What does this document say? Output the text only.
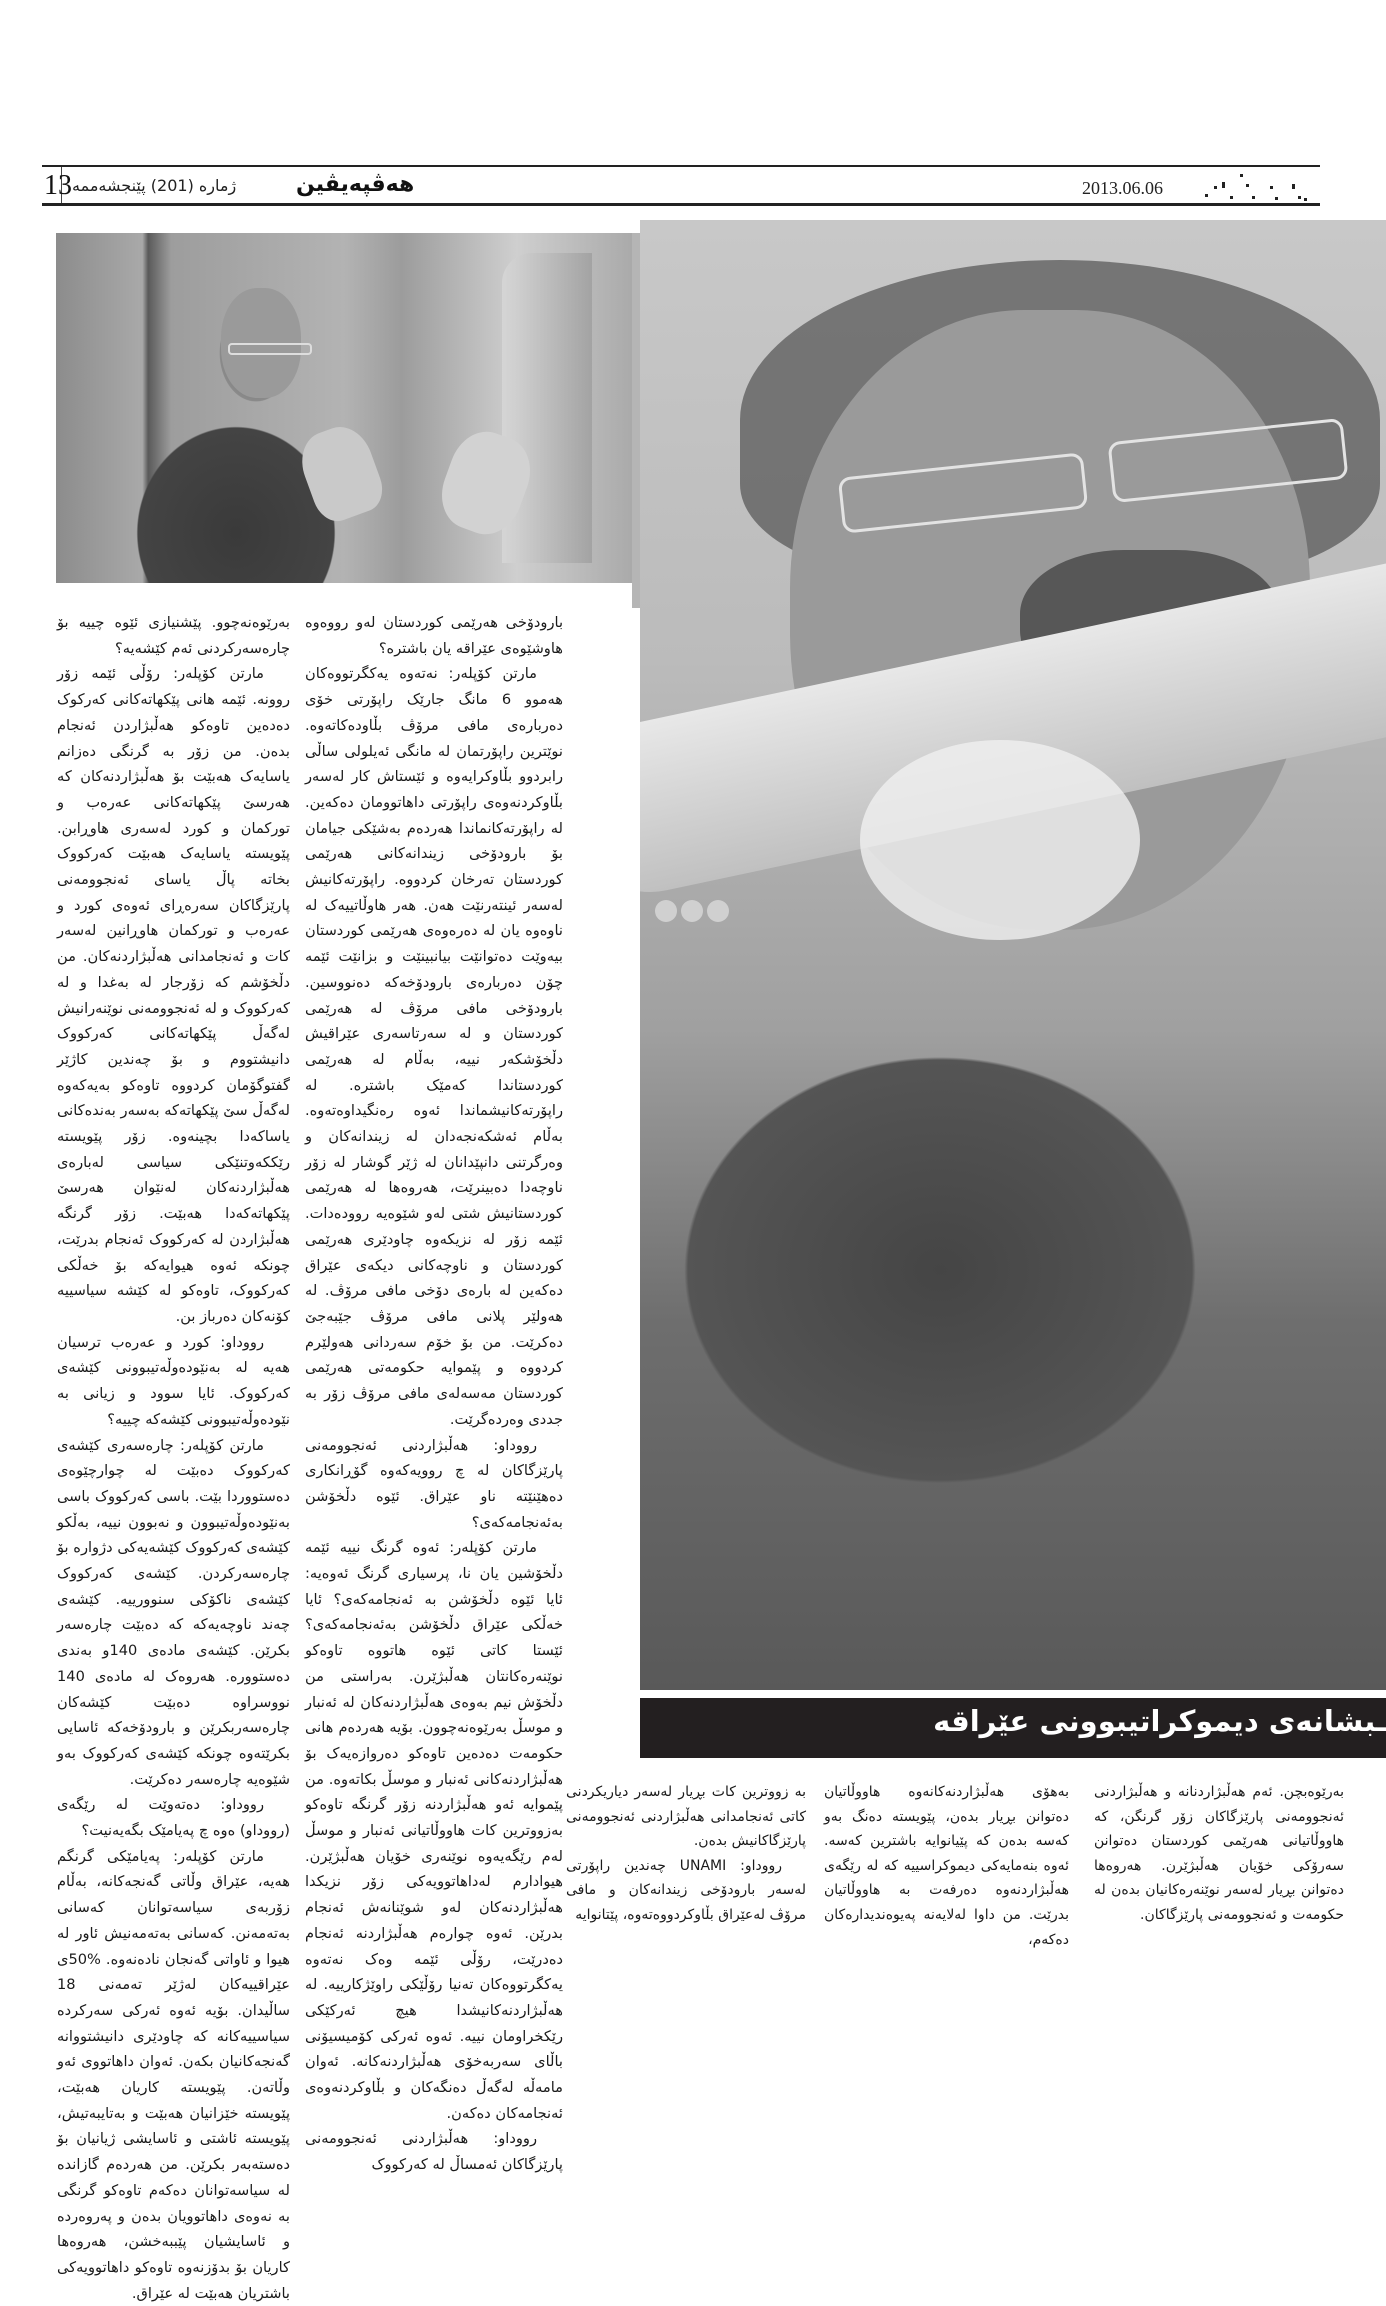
13 ژمارە (201) پێنجشەممە	هەڤپەیڤین	2013.06.06
ـبشانەی دیموکراتیبوونی عێراقە

بارودۆخی هەرێمی کوردستان لەو رووەوە هاوشێوەی عێراقە یان باشترە؟

مارتن کۆپلەر: نەتەوە یەکگرتووەکان هەموو 6 مانگ جارێک راپۆرتی خۆی دەربارەی مافی مرۆڤ بڵاودەکاتەوە. نوێترین راپۆرتمان لە مانگی ئەیلولی ساڵی رابردوو بڵاوکرایەوە و ئێستاش کار لەسەر بڵاوکردنەوەی راپۆرتی داهاتوومان دەکەین. لە راپۆرتەکانماندا هەردەم بەشێکی جیامان بۆ بارودۆخی زیندانەکانی هەرێمی کوردستان تەرخان کردووە. راپۆرتەکانیش لەسەر ئینتەرنێت هەن. هەر هاوڵاتییەک لە ناوەوە یان لە دەرەوەی هەرێمی کوردستان بیەوێت دەتوانێت بیانبینێت و بزانێت ئێمە چۆن دەربارەی بارودۆخەکە دەنووسین. بارودۆخی مافی مرۆڤ لە هەرێمی کوردستان و لە سەرتاسەری عێراقیش دڵخۆشکەر نییە، بەڵام لە هەرێمی کوردستاندا کەمێک باشترە. لە راپۆرتەکانیشماندا ئەوە رەنگیداوەتەوە. بەڵام ئەشکەنجەدان لە زیندانەکان و وەرگرتنی دانپێدانان لە ژێر گوشار لە زۆر ناوچەدا دەبینرێت، هەروەها لە هەرێمی کوردستانیش شتی لەو شێوەیە روودەدات. ئێمە زۆر لە نزیکەوە چاودێری هەرێمی کوردستان و ناوچەکانی دیکەی عێراق دەکەین لە بارەی دۆخی مافی مرۆڤ. لە هەولێر پلانی مافی مرۆڤ جێبەجێ دەکرێت. من بۆ خۆم سەردانی هەولێرم کردووە و پێموایە حکومەتی هەرێمی کوردستان مەسەلەی مافی مرۆڤ زۆر بە جددی وەردەگرێت.

رووداو: هەڵبژاردنی ئەنجوومەنی پارێزگاکان لە چ روویەکەوە گۆڕانکاری دەهێنێتە ناو عێراق. ئێوە دڵخۆشن بەئەنجامەکەی؟

مارتن کۆپلەر: ئەوە گرنگ نییە ئێمە دڵخۆشین یان نا، پرسیاری گرنگ ئەوەیە: ئایا ئێوە دڵخۆشن بە ئەنجامەکەی؟ ئایا خەڵکی عێراق دڵخۆشن بەئەنجامەکەی؟ ئێستا کاتی ئێوە هاتووە تاوەکو نوێنەرەکانتان هەڵبژێرن. بەراستی من دڵخۆش نیم بەوەی هەڵبژاردنەکان لە ئەنبار و موسڵ بەرێوەنەچوون. بۆیە هەردەم هانی حکومەت دەدەین تاوەکو دەروازەیەک بۆ هەڵبژاردنەکانی ئەنبار و موسڵ بکاتەوە. من پێموایە ئەو هەڵبژاردنە زۆر گرنگە تاوەکو بەزووترین کات هاووڵاتیانی ئەنبار و موسڵ لەم رێگەیەوە نوێنەری خۆیان هەڵبژێرن. هیوادارم لەداهاتوویەکی زۆر نزیکدا هەڵبژاردنەکان لەو شوێنانەش ئەنجام بدرێن. ئەوە چوارەم هەڵبژاردنە ئەنجام دەدرێت، رۆڵی ئێمە وەک نەتەوە یەکگرتووەکان تەنیا رۆڵێکی راوێژکارییە. لە هەڵبژاردنەکانیشدا هیچ ئەرکێکی رێکخراومان نییە. ئەوە ئەرکی کۆمیسیۆنی باڵای سەربەخۆی هەڵبژاردنەکانە. ئەوان مامەڵە لەگەڵ دەنگەکان و بڵاوکردنەوەی ئەنجامەکان دەکەن.

رووداو: هەڵبژاردنی ئەنجوومەنی پارێزگاکان ئەمساڵ لە کەرکووک

بەرێوەنەچوو. پێشنیازی ئێوە چییە بۆ چارەسەرکردنی ئەم کێشەیە؟

مارتن کۆپلەر: رۆڵی ئێمە زۆر روونە. ئێمە هانی پێکهاتەکانی کەرکوک دەدەین تاوەکو هەڵبژاردن ئەنجام بدەن. من زۆر بە گرنگی دەزانم یاسایەک هەبێت بۆ هەڵبژاردنەکان کە هەرسێ پێکهاتەکانی عەرەب و تورکمان و کورد لەسەری هاوڕابن. پێویستە یاسایەک هەبێت کەرکووک بخاتە پاڵ یاسای ئەنجوومەنی پارێزگاکان سەرەڕای ئەوەی کورد و عەرەب و تورکمان هاوڕانین لەسەر کات و ئەنجامدانی هەڵبژاردنەکان. من دڵخۆشم کە زۆرجار لە بەغدا و لە کەرکووک و لە ئەنجوومەنی نوێنەرانیش لەگەڵ پێکهاتەکانی کەرکووک دانیشتووم و بۆ چەندین کاژێر گفتوگۆمان کردووە تاوەکو بەیەکەوە لەگەڵ سێ پێکهاتەکە بەسەر بەندەکانی یاساکەدا بچینەوە. زۆر پێویستە رێککەوتنێکی سیاسی لەبارەی هەڵبژاردنەکان لەنێوان هەرسێ پێکهاتەکەدا هەبێت. زۆر گرنگە هەڵبژاردن لە کەرکووک ئەنجام بدرێت، چونکە ئەوە هیوایەکە بۆ خەڵکی کەرکووک، تاوەکو لە کێشە سیاسییە کۆنەکان دەرباز بن.

رووداو: کورد و عەرەب ترسیان هەیە لە بەنێودەوڵەتیبوونی کێشەی کەرکووک. ئایا سوود و زیانی بە نێودەوڵەتیبوونی کێشەکە چییە؟

مارتن کۆپلەر: چارەسەری کێشەی کەرکووک دەبێت لە چوارچێوەی دەستووردا بێت. باسی کەرکووک باسی بەنێودەوڵەتیبوون و نەبوون نییە، بەڵکو کێشەی کەرکووک کێشەیەکی دژوارە بۆ چارەسەرکردن. کێشەی کەرکووک کێشەی ناکۆکی سنوورییە. کێشەی چەند ناوچەیەکە کە دەبێت چارەسەر بکرێن. کێشەی مادەی 140و بەندی دەستوورە. هەروەک لە مادەی 140 نووسراوە دەبێت کێشەکان چارەسەربکرێن و بارودۆخەکە ئاسایی بکرێتەوە چونکە کێشەی کەرکووک بەو شێوەیە چارەسەر دەکرێت.

رووداو: دەتەوێت لە رێگەی (رووداو) ەوە چ پەیامێک بگەیەنیت؟

مارتن کۆپلەر: پەیامێکی گرنگم هەیە، عێراق وڵاتی گەنجەکانە، بەڵام زۆربەی سیاسەتوانان کەسانی بەتەمەنن. کەسانی بەتەمەنیش ئاور لە هیوا و ئاواتی گەنجان نادەنەوە. %50ی عێراقییەکان لەژێر تەمەنی 18 ساڵیدان. بۆیە ئەوە ئەرکی سەرکردە سیاسییەکانە کە چاودێری دانیشتووانە گەنجەکانیان بکەن. ئەوان داهاتووی ئەو وڵاتەن. پێویستە کاریان هەبێت، پێویستە خێزانیان هەبێت و بەتایبەتیش، پێویستە ئاشتی و ئاسایشی ژیانیان بۆ دەستەبەر بکرێن. من هەردەم گازاندە لە سیاسەتوانان دەکەم تاوەکو گرنگی بە نەوەی داهاتوویان بدەن و پەروەردە و ئاسایشیان پێببەخشن، هەروەها کاریان بۆ بدۆزنەوە تاوەکو داهاتوویەکی باشتریان هەبێت لە عێراق.

بەرێوەبچن. ئەم هەڵبژاردنانە و هەڵبژاردنی ئەنجوومەنی پارێزگاکان زۆر گرنگن، کە هاووڵاتیانی هەرێمی کوردستان دەتوانن سەرۆکی خۆیان هەڵبژێرن. هەروەها دەتوانن بڕیار لەسەر نوێنەرەکانیان بدەن لە حکومەت و ئەنجوومەنی پارێزگاکان.

بەهۆی هەڵبژاردنەکانەوە هاووڵاتیان دەتوانن بڕیار بدەن، پێویستە دەنگ بەو کەسە بدەن کە پێیانوایە باشترین کەسە. ئەوە بنەمایەکی دیموکراسییە کە لە رێگەی هەڵبژاردنەوە دەرفەت بە هاووڵاتیان بدرێت. من داوا لەلایەنە پەیوەندیدارەکان دەکەم،

بە زووترین کات بڕیار لەسەر دیاریکردنی کاتی ئەنجامدانی هەڵبژاردنی ئەنجوومەنی پارێزگاکانیش بدەن.

رووداو: UNAMI چەندین راپۆرتی لەسەر بارودۆخی زیندانەکان و مافی مرۆڤ لەعێراق بڵاوکردووەتەوە، پێتانوایە
